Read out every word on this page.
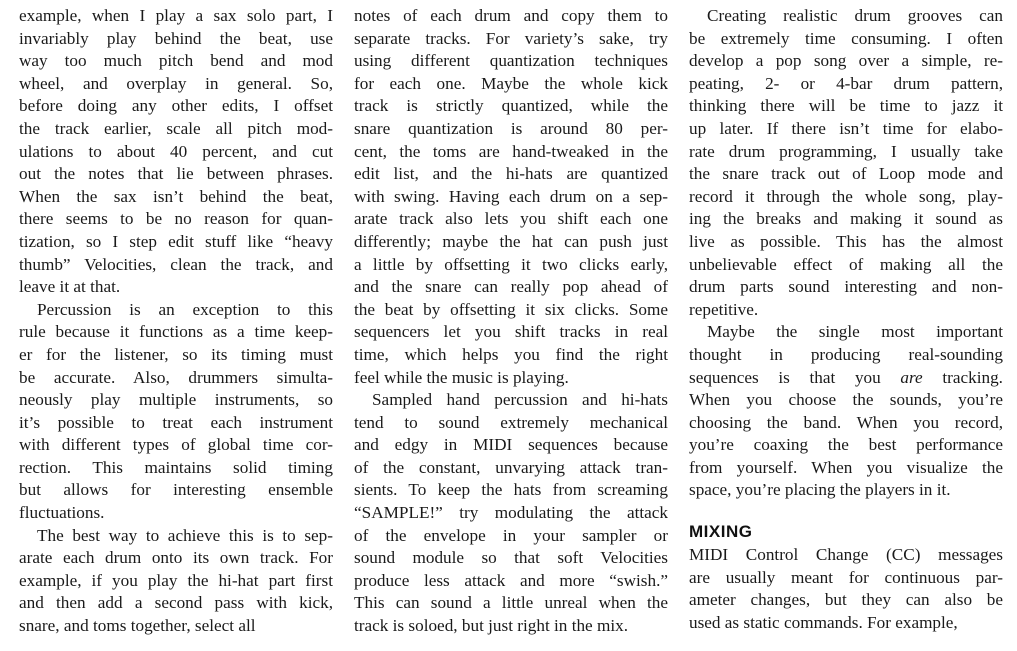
example, when I play a sax solo part, I
invariably play behind the beat, use
way too much pitch bend and mod
wheel, and overplay in general. So,
before doing any other edits, I offset
the track earlier, scale all pitch mod-
ulations to about 40 percent, and cut
out the notes that lie between phrases.
When the sax isn’t behind the beat,
there seems to be no reason for quan-
tization, so I step edit stuff like “heavy
thumb” Velocities, clean the track, and
leave it at that.
Percussion is an exception to this
rule because it functions as a time keep-
er for the listener, so its timing must
be accurate. Also, drummers simulta-
neously play multiple instruments, so
it’s possible to treat each instrument
with different types of global time cor-
rection. This maintains solid timing
but allows for interesting ensemble
fluctuations.
The best way to achieve this is to sep-
arate each drum onto its own track. For
example, if you play the hi-hat part first
and then add a second pass with kick,
snare, and toms together, select all
notes of each drum and copy them to
separate tracks. For variety’s sake, try
using different quantization techniques
for each one. Maybe the whole kick
track is strictly quantized, while the
snare quantization is around 80 per-
cent, the toms are hand-tweaked in the
edit list, and the hi-hats are quantized
with swing. Having each drum on a sep-
arate track also lets you shift each one
differently; maybe the hat can push just
a little by offsetting it two clicks early,
and the snare can really pop ahead of
the beat by offsetting it six clicks. Some
sequencers let you shift tracks in real
time, which helps you find the right
feel while the music is playing.
Sampled hand percussion and hi-hats
tend to sound extremely mechanical
and edgy in MIDI sequences because
of the constant, unvarying attack tran-
sients. To keep the hats from screaming
“SAMPLE!” try modulating the attack
of the envelope in your sampler or
sound module so that soft Velocities
produce less attack and more “swish.”
This can sound a little unreal when the
track is soloed, but just right in the mix.
Creating realistic drum grooves can
be extremely time consuming. I often
develop a pop song over a simple, re-
peating, 2- or 4-bar drum pattern,
thinking there will be time to jazz it
up later. If there isn’t time for elabo-
rate drum programming, I usually take
the snare track out of Loop mode and
record it through the whole song, play-
ing the breaks and making it sound as
live as possible. This has the almost
unbelievable effect of making all the
drum parts sound interesting and non-
repetitive.
Maybe the single most important
thought in producing real-sounding
sequences is that you are tracking.
When you choose the sounds, you’re
choosing the band. When you record,
you’re coaxing the best performance
from yourself. When you visualize the
space, you’re placing the players in it.
MIXING
MIDI Control Change (CC) messages
are usually meant for continuous par-
ameter changes, but they can also be
used as static commands. For example,
